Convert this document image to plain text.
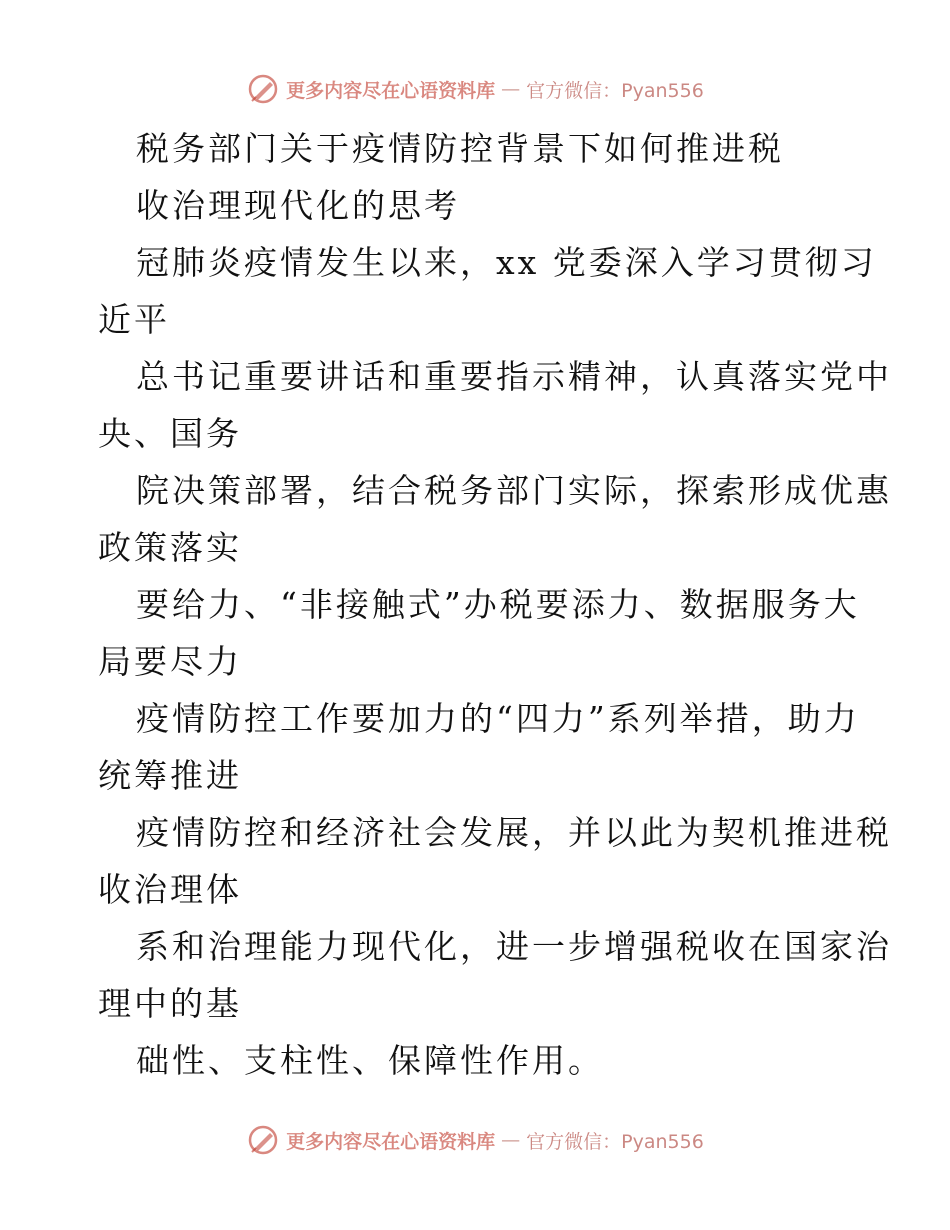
更多内容尽在心语资料库 — 官方微信：Pyan556
税务部门关于疫情防控背景下如何推进税
收治理现代化的思考
冠肺炎疫情发生以来，xx 党委深入学习贯彻习
近平
总书记重要讲话和重要指示精神，认真落实党中
央、国务
院决策部署，结合税务部门实际，探索形成优惠
政策落实
要给力、“非接触式”办税要添力、数据服务大
局要尽力
疫情防控工作要加力的“四力”系列举措，助力
统筹推进
疫情防控和经济社会发展，并以此为契机推进税
收治理体
系和治理能力现代化，进一步增强税收在国家治
理中的基
础性、支柱性、保障性作用。
更多内容尽在心语资料库 — 官方微信：Pyan556
